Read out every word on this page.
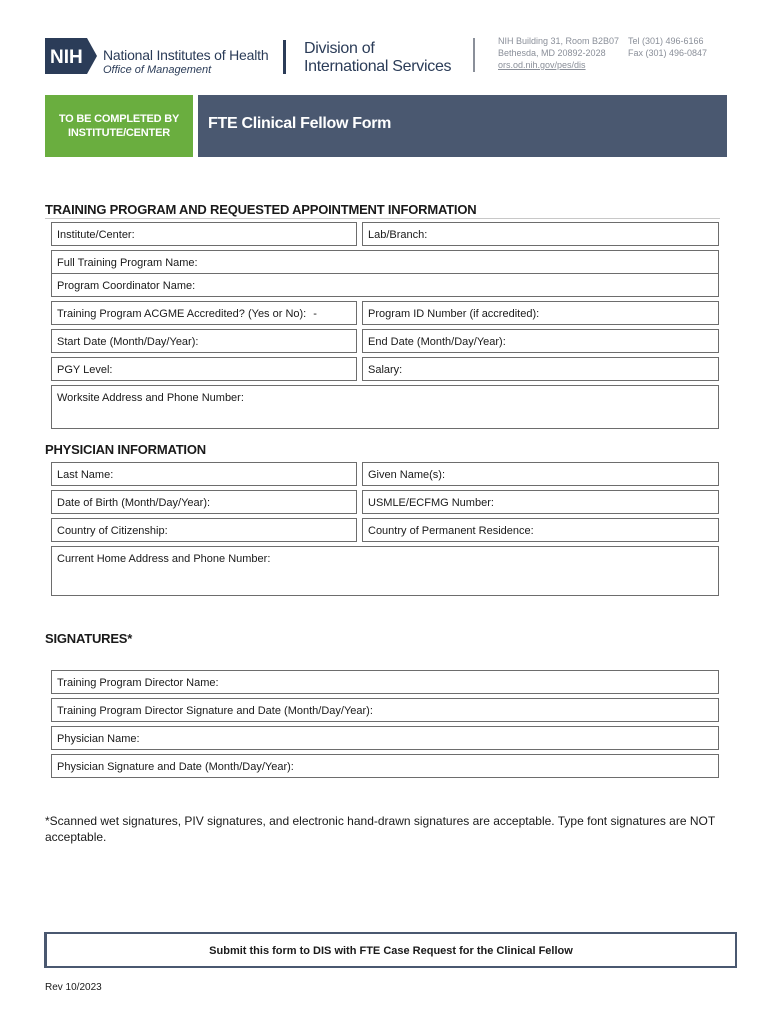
NIH National Institutes of Health
Office of Management
Division of
International Services
NIH Building 31, Room B2B07
Bethesda, MD 20892-2028
ors.od.nih.gov/pes/dis
Tel (301) 496-6166
Fax (301) 496-0847
TO BE COMPLETED BY
INSTITUTE/CENTER
FTE Clinical Fellow Form
TRAINING PROGRAM AND REQUESTED APPOINTMENT INFORMATION
Institute/Center:	Lab/Branch:
Full Training Program Name:
Program Coordinator Name:
Training Program ACGME Accredited? (Yes or No): -	Program ID Number (if accredited):
Start Date (Month/Day/Year):	End Date (Month/Day/Year):
PGY Level:	Salary:
Worksite Address and Phone Number:
PHYSICIAN INFORMATION
Last Name:	Given Name(s):
Date of Birth (Month/Day/Year):	USMLE/ECFMG Number:
Country of Citizenship:	Country of Permanent Residence:
Current Home Address and Phone Number:
SIGNATURES*
Training Program Director Name:
Training Program Director Signature and Date (Month/Day/Year):
Physician Name:
Physician Signature and Date (Month/Day/Year):
*Scanned wet signatures, PIV signatures, and electronic hand-drawn signatures are acceptable. Type font signatures are NOT acceptable.
Submit this form to DIS with FTE Case Request for the Clinical Fellow
Rev 10/2023
